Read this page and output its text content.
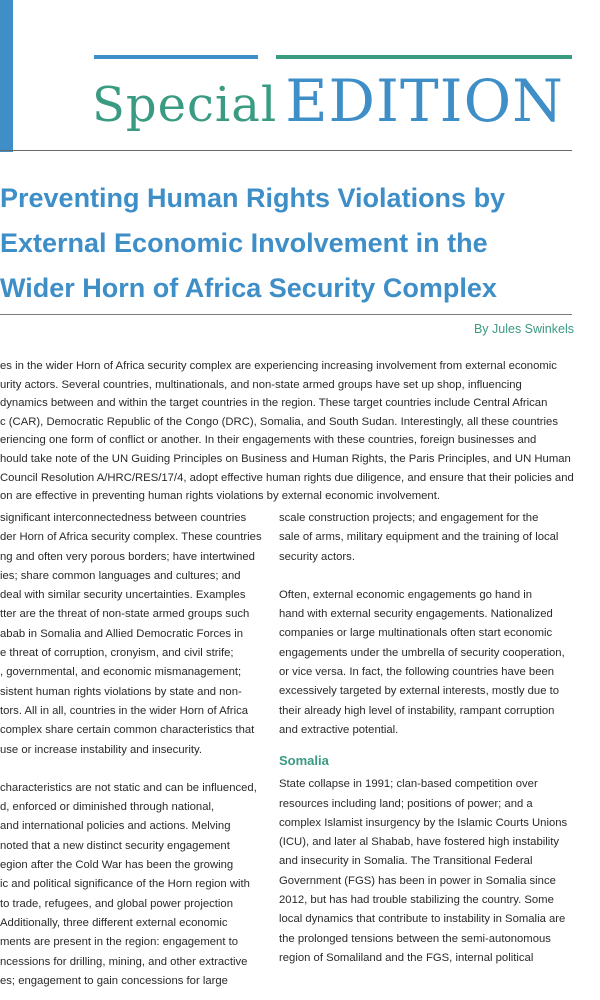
Special EDITION
Preventing Human Rights Violations by
External Economic Involvement in the
Wider Horn of Africa Security Complex
By Jules Swinkels
es in the wider Horn of Africa security complex are experiencing increasing involvement from external economic
urity actors. Several countries, multinationals, and non-state armed groups have set up shop, influencing
dynamics between and within the target countries in the region. These target countries include Central African
c (CAR), Democratic Republic of the Congo (DRC), Somalia, and South Sudan. Interestingly, all these countries
eriencing one form of conflict or another. In their engagements with these countries, foreign businesses and
hould take note of the UN Guiding Principles on Business and Human Rights, the Paris Principles, and UN Human
Council Resolution A/HRC/RES/17/4, adopt effective human rights due diligence, and ensure that their policies and
on are effective in preventing human rights violations by external economic involvement.
significant interconnectedness between countries
der Horn of Africa security complex. These countries
ng and often very porous borders; have intertwined
ies; share common languages and cultures; and
deal with similar security uncertainties. Examples
tter are the threat of non-state armed groups such
abab in Somalia and Allied Democratic Forces in
e threat of corruption, cronyism, and civil strife;
, governmental, and economic mismanagement;
sistent human rights violations by state and non-
tors. All in all, countries in the wider Horn of Africa
complex share certain common characteristics that
use or increase instability and insecurity.
characteristics are not static and can be influenced,
d, enforced or diminished through national,
and international policies and actions. Melving
noted that a new distinct security engagement
egion after the Cold War has been the growing
ic and political significance of the Horn region with
to trade, refugees, and global power projection
Additionally, three different external economic
ments are present in the region: engagement to
ncessions for drilling, mining, and other extractive
es; engagement to gain concessions for large
scale construction projects; and engagement for the
sale of arms, military equipment and the training of local
security actors.
Often, external economic engagements go hand in
hand with external security engagements. Nationalized
companies or large multinationals often start economic
engagements under the umbrella of security cooperation,
or vice versa. In fact, the following countries have been
excessively targeted by external interests, mostly due to
their already high level of instability, rampant corruption
and extractive potential.
Somalia
State collapse in 1991; clan-based competition over
resources including land; positions of power; and a
complex Islamist insurgency by the Islamic Courts Unions
(ICU), and later al Shabab, have fostered high instability
and insecurity in Somalia. The Transitional Federal
Government (FGS) has been in power in Somalia since
2012, but has had trouble stabilizing the country. Some
local dynamics that contribute to instability in Somalia are
the prolonged tensions between the semi-autonomous
region of Somaliland and the FGS, internal political
